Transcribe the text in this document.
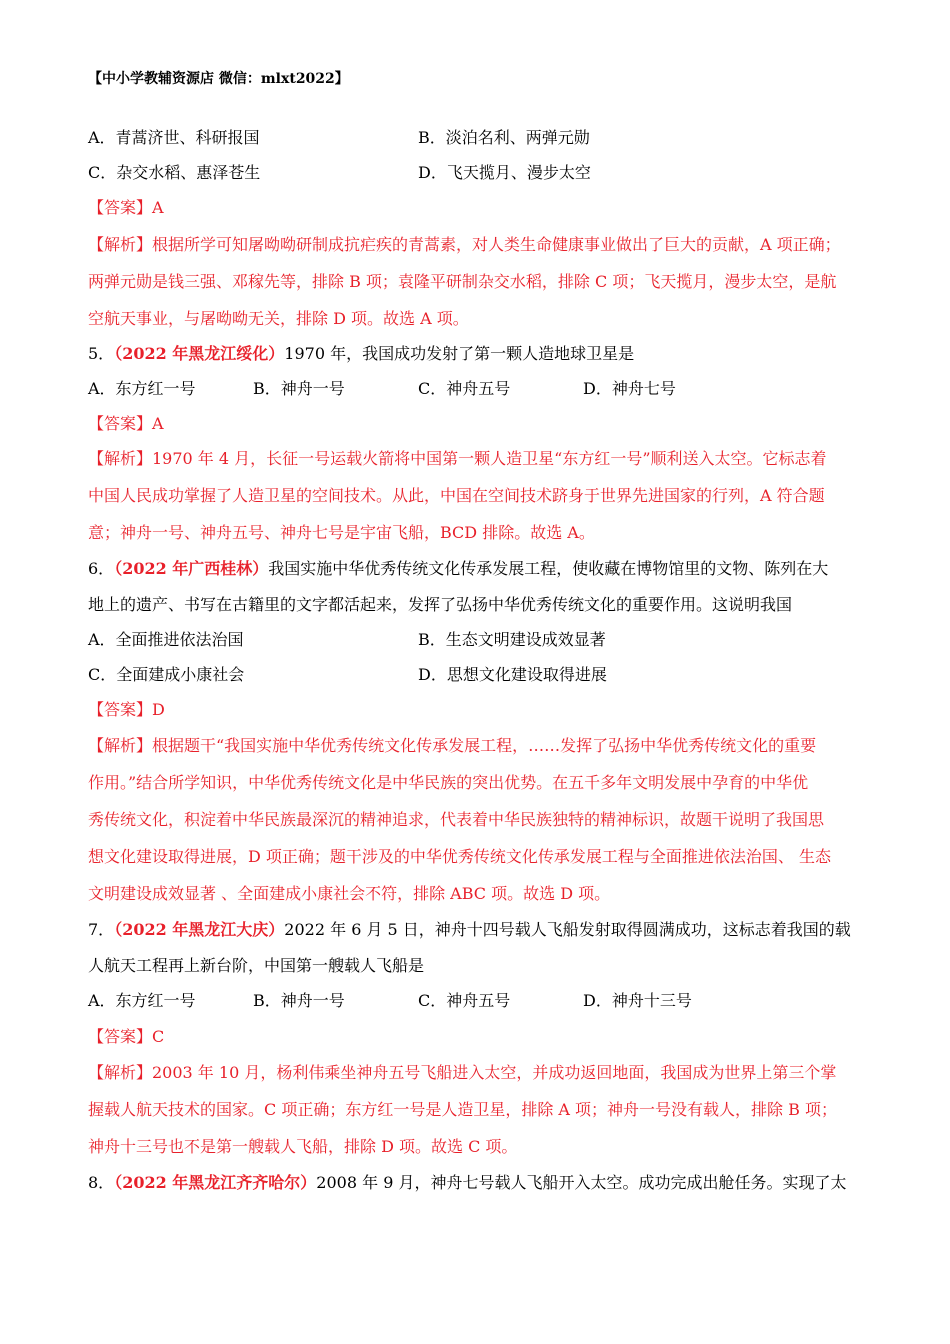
【中小学教辅资源店 微信：mlxt2022】
A．青蒿济世、科研报国	B．淡泊名利、两弹元勋
C．杂交水稻、惠泽苍生	D．飞天揽月、漫步太空
【答案】A
【解析】根据所学可知屠呦呦研制成抗疟疾的青蒿素，对人类生命健康事业做出了巨大的贡献，A 项正确；
两弹元勋是钱三强、邓稼先等，排除 B 项；袁隆平研制杂交水稻，排除 C 项；飞天揽月，漫步太空，是航
空航天事业，与屠呦呦无关，排除 D 项。故选 A 项。
5．（2022 年黑龙江绥化）1970 年，我国成功发射了第一颗人造地球卫星是
A．东方红一号	B．神舟一号	C．神舟五号	D．神舟七号
【答案】A
【解析】1970 年 4 月，长征一号运载火箭将中国第一颗人造卫星“东方红一号”顺利送入太空。它标志着
中国人民成功掌握了人造卫星的空间技术。从此，中国在空间技术跻身于世界先进国家的行列，A 符合题
意；神舟一号、神舟五号、神舟七号是宇宙飞船，BCD 排除。故选 A。
6．（2022 年广西桂林）我国实施中华优秀传统文化传承发展工程，使收藏在博物馆里的文物、陈列在大
地上的遗产、书写在古籍里的文字都活起来，发挥了弘扬中华优秀传统文化的重要作用。这说明我国
A．全面推进依法治国	B．生态文明建设成效显著
C．全面建成小康社会	D．思想文化建设取得进展
【答案】D
【解析】根据题干“我国实施中华优秀传统文化传承发展工程，……发挥了弘扬中华优秀传统文化的重要
作用。”结合所学知识，中华优秀传统文化是中华民族的突出优势。在五千多年文明发展中孕育的中华优
秀传统文化，积淀着中华民族最深沉的精神追求，代表着中华民族独特的精神标识，故题干说明了我国思
想文化建设取得进展，D 项正确；题干涉及的中华优秀传统文化传承发展工程与全面推进依法治国、 生态
文明建设成效显著 、全面建成小康社会不符，排除 ABC 项。故选 D 项。
7．（2022 年黑龙江大庆）2022 年 6 月 5 日，神舟十四号载人飞船发射取得圆满成功，这标志着我国的载
人航天工程再上新台阶，中国第一艘载人飞船是
A．东方红一号	B．神舟一号	C．神舟五号	D．神舟十三号
【答案】C
【解析】2003 年 10 月，杨利伟乘坐神舟五号飞船进入太空，并成功返回地面，我国成为世界上第三个掌
握载人航天技术的国家。C 项正确；东方红一号是人造卫星，排除 A 项；神舟一号没有载人，排除 B 项；
神舟十三号也不是第一艘载人飞船，排除 D 项。故选 C 项。
8．（2022 年黑龙江齐齐哈尔）2008 年 9 月，神舟七号载人飞船开入太空。成功完成出舱任务。实现了太
